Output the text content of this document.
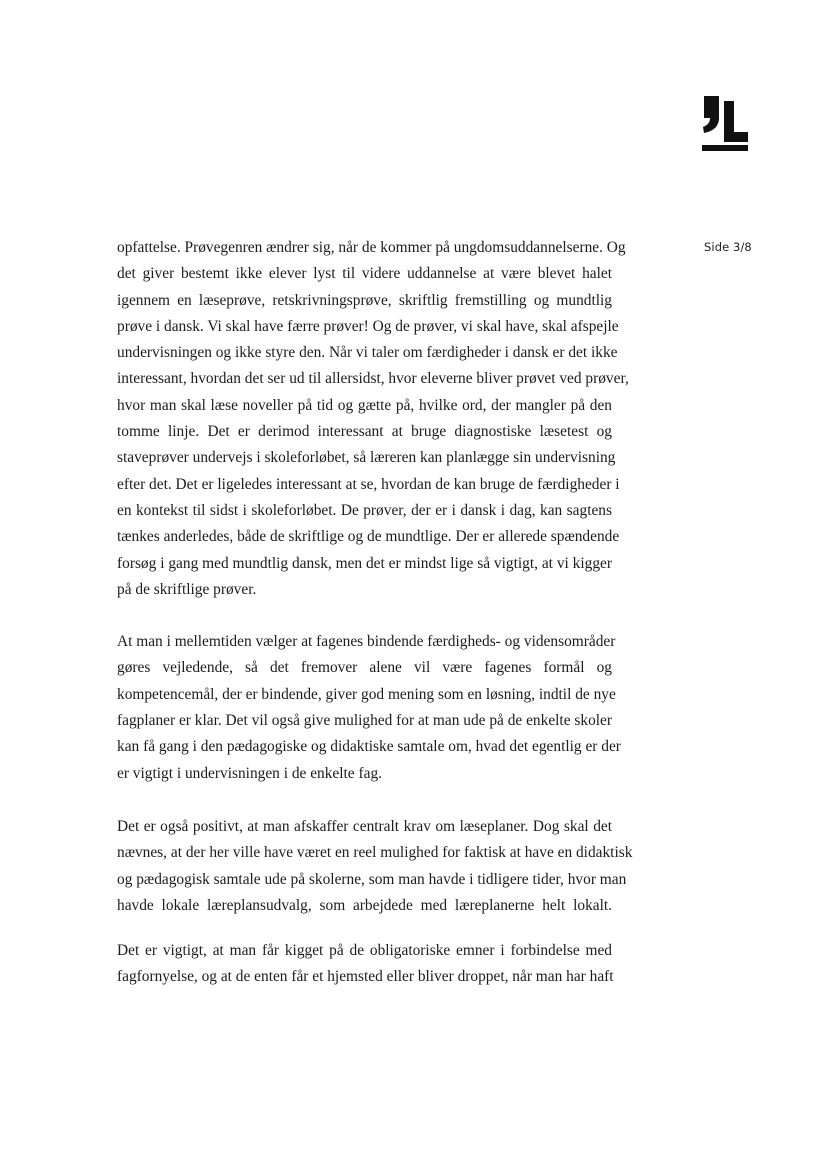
Side 3/8
opfattelse. Prøvegenren ændrer sig, når de kommer på ungdomsuddannelserne. Og
det giver bestemt ikke elever lyst til videre uddannelse at være blevet halet
igennem en læseprøve, retskrivningsprøve, skriftlig fremstilling og mundtlig
prøve i dansk. Vi skal have færre prøver! Og de prøver, vi skal have, skal afspejle
undervisningen og ikke styre den. Når vi taler om færdigheder i dansk er det ikke
interessant, hvordan det ser ud til allersidst, hvor eleverne bliver prøvet ved prøver,
hvor man skal læse noveller på tid og gætte på, hvilke ord, der mangler på den
tomme linje. Det er derimod interessant at bruge diagnostiske læsetest og
staveprøver undervejs i skoleforløbet, så læreren kan planlægge sin undervisning
efter det. Det er ligeledes interessant at se, hvordan de kan bruge de færdigheder i
en kontekst til sidst i skoleforløbet. De prøver, der er i dansk i dag, kan sagtens
tænkes anderledes, både de skriftlige og de mundtlige. Der er allerede spændende
forsøg i gang med mundtlig dansk, men det er mindst lige så vigtigt, at vi kigger
på de skriftlige prøver.
At man i mellemtiden vælger at fagenes bindende færdigheds- og vidensområder
gøres vejledende, så det fremover alene vil være fagenes formål og
kompetencemål, der er bindende, giver god mening som en løsning, indtil de nye
fagplaner er klar. Det vil også give mulighed for at man ude på de enkelte skoler
kan få gang i den pædagogiske og didaktiske samtale om, hvad det egentlig er der
er vigtigt i undervisningen i de enkelte fag.
Det er også positivt, at man afskaffer centralt krav om læseplaner. Dog skal det
nævnes, at der her ville have været en reel mulighed for faktisk at have en didaktisk
og pædagogisk samtale ude på skolerne, som man havde i tidligere tider, hvor man
havde lokale læreplansudvalg, som arbejdede med læreplanerne helt lokalt.
Det er vigtigt, at man får kigget på de obligatoriske emner i forbindelse med
fagfornyelse, og at de enten får et hjemsted eller bliver droppet, når man har haft
